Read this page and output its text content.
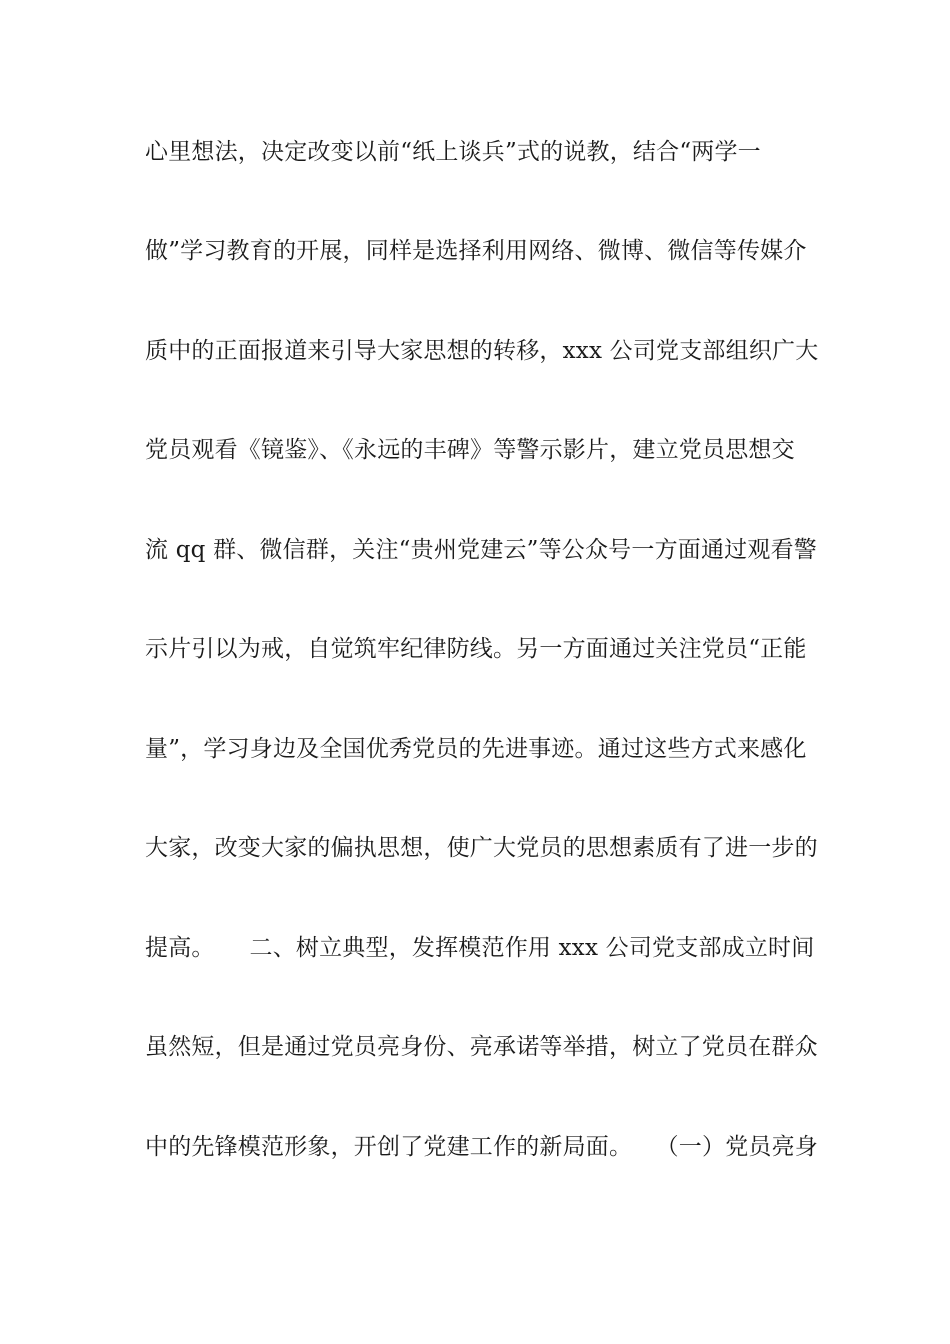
心里想法，决定改变以前“纸上谈兵”式的说教，结合“两学一
做”学习教育的开展，同样是选择利用网络、微博、微信等传媒介
质中的正面报道来引导大家思想的转移，xxx 公司党支部组织广大
党员观看《镜鉴》、《永远的丰碑》等警示影片，建立党员思想交
流 qq 群、微信群，关注“贵州党建云”等公众号一方面通过观看警
示片引以为戒，自觉筑牢纪律防线。另一方面通过关注党员“正能
量”，学习身边及全国优秀党员的先进事迹。通过这些方式来感化
大家，改变大家的偏执思想，使广大党员的思想素质有了进一步的
提高。　　二、树立典型，发挥模范作用 xxx 公司党支部成立时间
虽然短，但是通过党员亮身份、亮承诺等举措，树立了党员在群众
中的先锋模范形象，开创了党建工作的新局面。　　（一）党员亮身
